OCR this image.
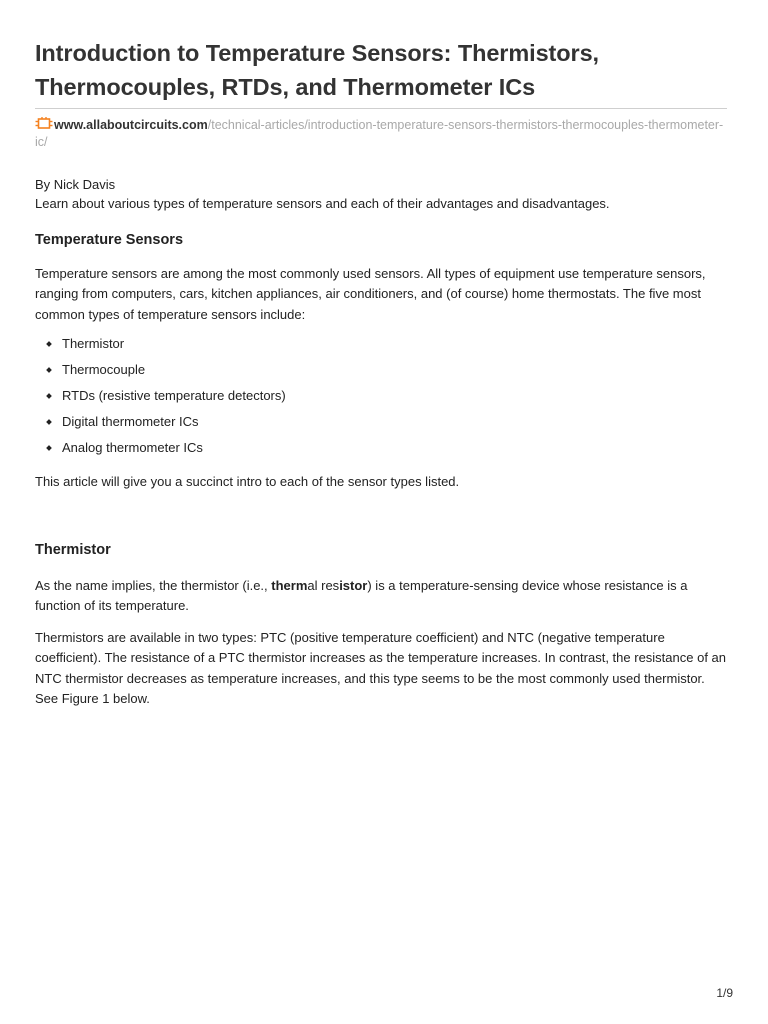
Introduction to Temperature Sensors: Thermistors, Thermocouples, RTDs, and Thermometer ICs
www.allaboutcircuits.com/technical-articles/introduction-temperature-sensors-thermistors-thermocouples-thermometer-ic/
By Nick Davis
Learn about various types of temperature sensors and each of their advantages and disadvantages.
Temperature Sensors

Temperature sensors are among the most commonly used sensors. All types of equipment use temperature sensors, ranging from computers, cars, kitchen appliances, air conditioners, and (of course) home thermostats. The five most common types of temperature sensors include:

Thermistor
Thermocouple
RTDs (resistive temperature detectors)
Digital thermometer ICs
Analog thermometer ICs

This article will give you a succinct intro to each of the sensor types listed.

Thermistor

As the name implies, the thermistor (i.e., thermal resistor) is a temperature-sensing device whose resistance is a function of its temperature.

Thermistors are available in two types: PTC (positive temperature coefficient) and NTC (negative temperature coefficient). The resistance of a PTC thermistor increases as the temperature increases. In contrast, the resistance of an NTC thermistor decreases as temperature increases, and this type seems to be the most commonly used thermistor. See Figure 1 below.

1/9
